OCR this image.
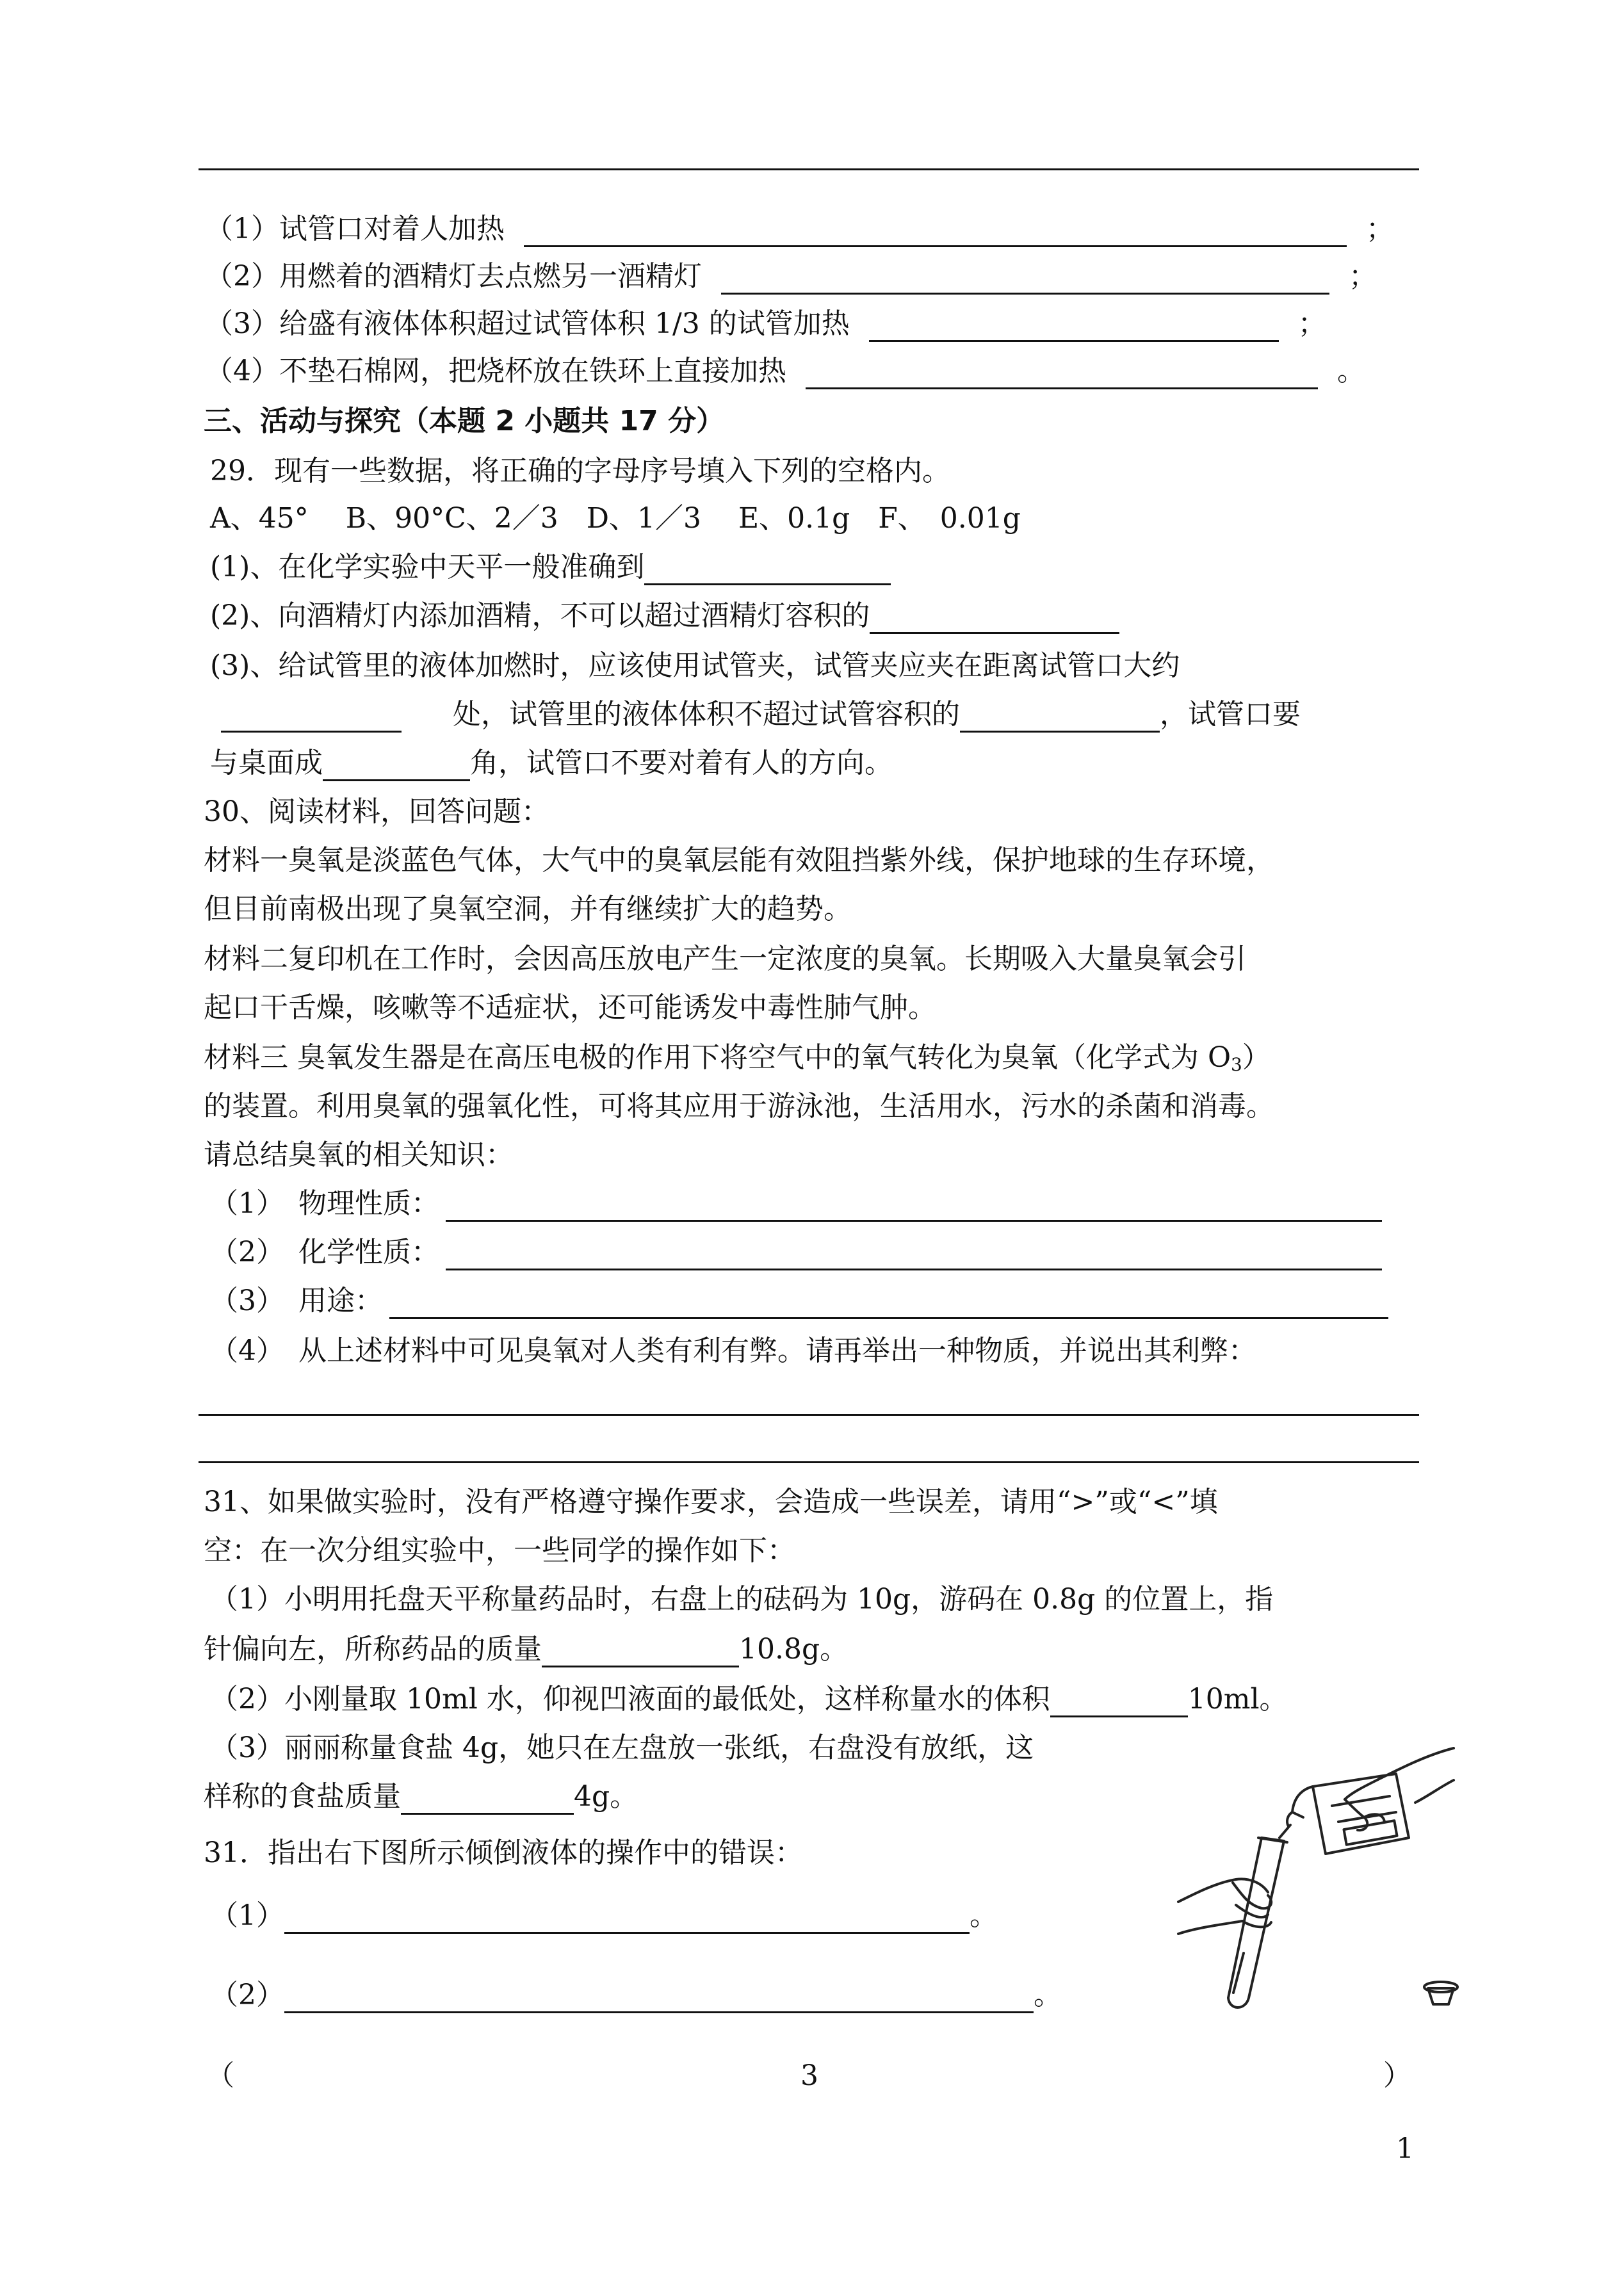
（1）试管口对着人加热	；
（2）用燃着的酒精灯去点燃另一酒精灯	；
（3）给盛有液体体积超过试管体积 1/3 的试管加热	；
（4）不垫石棉网，把烧杯放在铁环上直接加热	。
三、活动与探究（本题 2 小题共 17 分）
29．现有一些数据，将正确的字母序号填入下列的空格内。
A、45°　 B、90°C、2／3　D、1／3　 E、0.1g　F、　0.01g
(1)、在化学实验中天平一般准确到
(2)、向酒精灯内添加酒精，不可以超过酒精灯容积的
(3)、给试管里的液体加燃时，应该使用试管夹，试管夹应夹在距离试管口大约
处，试管里的液体体积不超过试管容积的	，试管口要
与桌面成	角，试管口不要对着有人的方向。
30、阅读材料，回答问题：
材料一臭氧是淡蓝色气体，大气中的臭氧层能有效阻挡紫外线，保护地球的生存环境，
但目前南极出现了臭氧空洞，并有继续扩大的趋势。
材料二复印机在工作时，会因高压放电产生一定浓度的臭氧。长期吸入大量臭氧会引
起口干舌燥，咳嗽等不适症状，还可能诱发中毒性肺气肿。
材料三 臭氧发生器是在高压电极的作用下将空气中的氧气转化为臭氧（化学式为 $O_3$）
的装置。利用臭氧的强氧化性，可将其应用于游泳池，生活用水，污水的杀菌和消毒。
请总结臭氧的相关知识：
（1）　物理性质：
（2）　化学性质：
（3）　用途：
（4）　从上述材料中可见臭氧对人类有利有弊。请再举出一种物质，并说出其利弊：
31、如果做实验时，没有严格遵守操作要求，会造成一些误差，请用“>”或“<”填
空：在一次分组实验中，一些同学的操作如下：
（1）小明用托盘天平称量药品时，右盘上的砝码为 10g，游码在 0.8g 的位置上，指
针偏向左，所称药品的质量	10.8g。
（2）小刚量取 10ml 水，仰视凹液面的最低处，这样称量水的体积	10ml。
（3）丽丽称量食盐 4g，她只在左盘放一张纸，右盘没有放纸，这
样称的食盐质量	4g。
31．指出右下图所示倾倒液体的操作中的错误：
（1）	。
（2）	。
（	3	）
1
